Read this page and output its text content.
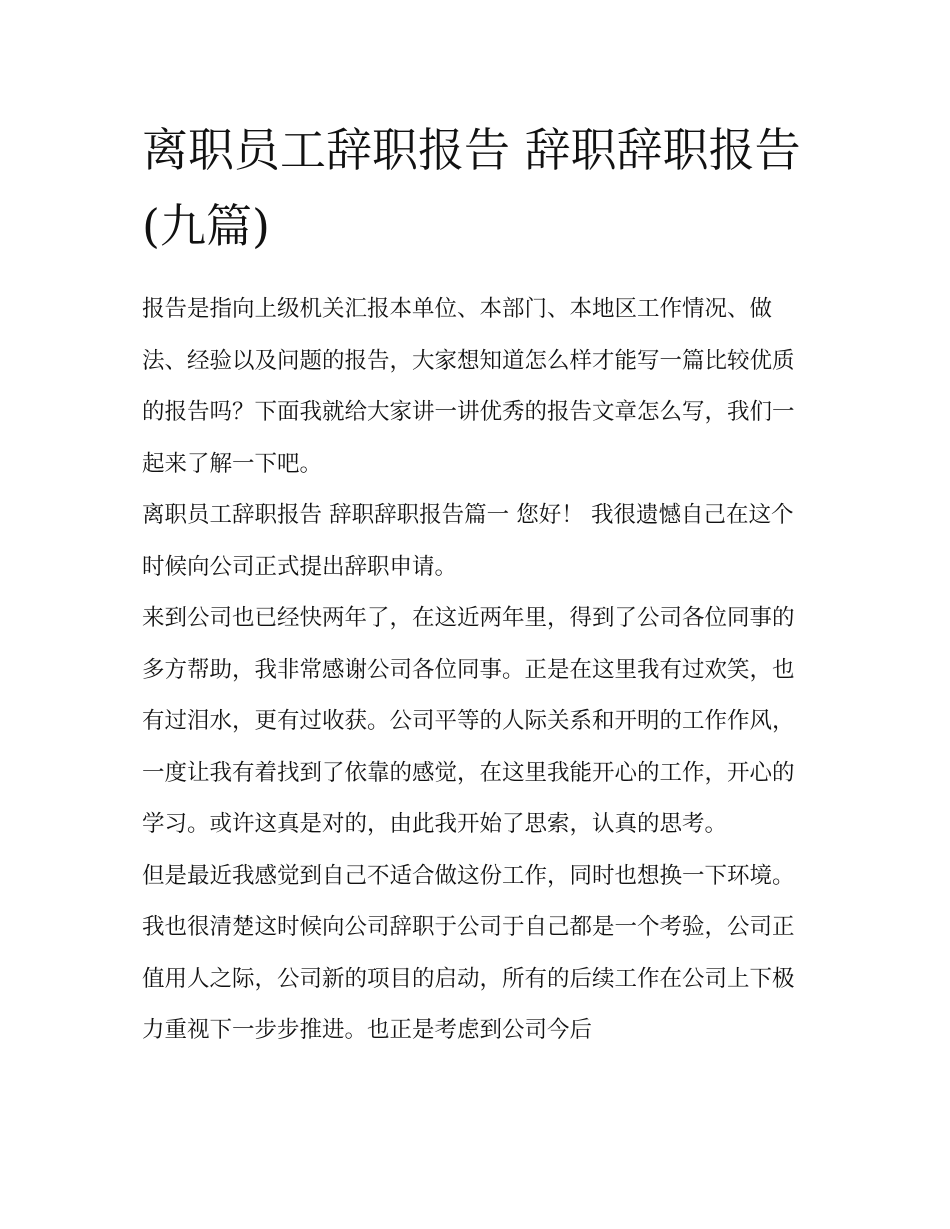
离职员工辞职报告 辞职辞职报告(九篇)

报告是指向上级机关汇报本单位、本部门、本地区工作情况、做法、经验以及问题的报告，大家想知道怎么样才能写一篇比较优质的报告吗？下面我就给大家讲一讲优秀的报告文章怎么写，我们一起来了解一下吧。

离职员工辞职报告 辞职辞职报告篇一 您好！ 我很遗憾自己在这个时候向公司正式提出辞职申请。

来到公司也已经快两年了，在这近两年里，得到了公司各位同事的多方帮助，我非常感谢公司各位同事。正是在这里我有过欢笑，也有过泪水，更有过收获。公司平等的人际关系和开明的工作作风，一度让我有着找到了依靠的感觉，在这里我能开心的工作，开心的学习。或许这真是对的，由此我开始了思索，认真的思考。

但是最近我感觉到自己不适合做这份工作，同时也想换一下环境。我也很清楚这时候向公司辞职于公司于自己都是一个考验，公司正值用人之际，公司新的项目的启动，所有的后续工作在公司上下极力重视下一步步推进。也正是考虑到公司今后
